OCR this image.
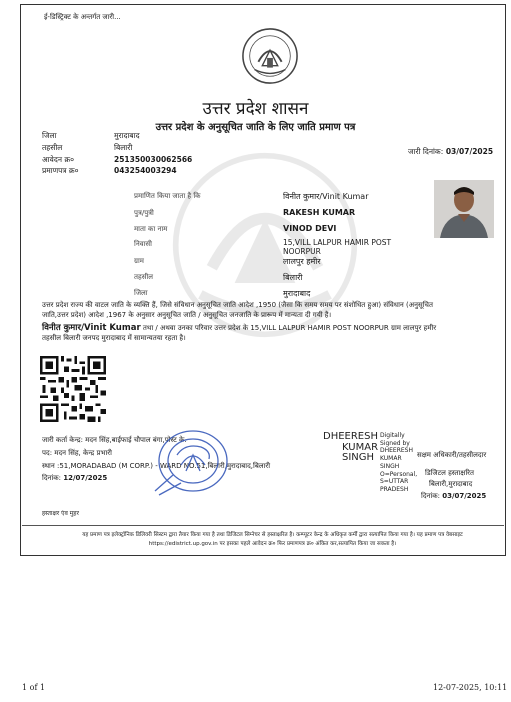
ई-डिस्ट्रिक्ट के अन्तर्गत जारी...
उत्तर प्रदेश शासन
उत्तर प्रदेश के अनुसूचित जाति के लिए जाति प्रमाण पत्र
जिला	मुरादाबाद
तहसील	बिलारी
आवेदन क्र०	251350030062566
प्रमाणपत्र क्र०	043254003294
जारी दिनांक: 03/07/2025
प्रमाणित किया जाता है कि	विनीत कुमार/Vinit Kumar
पुत्र/पुत्री	RAKESH KUMAR
माता का नाम	VINOD DEVI
निवासी	15,VILL LALPUR HAMIR POST
NOORPUR
ग्राम	लालपुर हमीर
तहसील	बिलारी
जिला	मुरादाबाद
उत्तर प्रदेश राज्य की वाटल जाति के व्यक्ति हैं, जिसे संविधान अनुसूचित जाति आदेश ,1950 (जैसा कि समय समय पर संशोधित हुआ) संविधान (अनुसूचित
जाति,उत्तर प्रदेश) आदेश ,1967 के अनुसार अनुसूचित जाति / अनुसूचित जनजाति के प्रारूप में मान्यता दी गयी है।
विनीत कुमार/Vinit Kumar तथा / अथवा उनका परिवार उत्तर प्रदेश के 15,VILL LALPUR HAMIR POST NOORPUR ग्राम लालपुर हमीर
तहसील बिलारी जनपद मुरादाबाद में सामान्यतया रहता है।
जारी कर्ता केन्द्र: मदन सिंह,बाईफाई चौपाल बंगा,पोस्ट के.
पद: मदन सिंह, केन्द्र प्रभारी
स्थान :51,MORADABAD (M CORP.) - WARD NO.51,बिलारी,मुरादाबाद,बिलारी
दिनांक: 12/07/2025
हस्ताक्षर एंव मुहर
DHEERESH
KUMAR
SINGH
Digitally
Signed by
DHEERESH
KUMAR
SINGH
O=Personal,
S=UTTAR
PRADESH
सक्षम अधिकारी/तहसीलदार
डिजिटल हस्ताक्षरित
बिलारी,मुरादाबाद
दिनांक: 03/07/2025
यह प्रमाण पत्र इलेक्ट्रॉनिक डिलिवरी सिस्टम द्वारा तैयार किया गया है तथा डिजिटल सिग्नेचर से हस्ताक्षरित है। कम्प्यूटर केन्द्र के अधिकृत कर्मी द्वारा सत्यापित किया गया है। यह प्रमाण पत्र वेबसाइट
https://edistrict.up.gov.in पर इसका पहले आवेदन क्र० फिर प्रमाणपत्र क्र० अंकित कर,सत्यापित किया जा सकता है।
1 of 1	12-07-2025, 10:11
